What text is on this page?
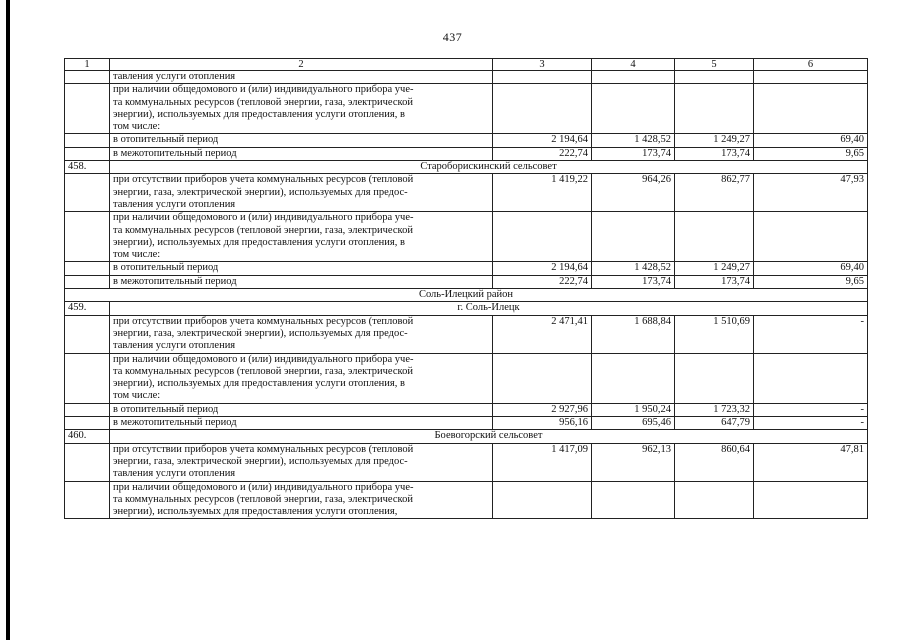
437
1	2	3	4	5	6
	тавления услуги отопления				
	при наличии общедомового и (или) индивидуального прибора уче-
та коммунальных ресурсов (тепловой энергии, газа, электрической
энергии), используемых для предоставления услуги отопления, в
том числе:				
	в отопительный период	2 194,64	1 428,52	1 249,27	69,40
	в межотопительный период	222,74	173,74	173,74	9,65
458.	Староборискинский сельсовет				
	при отсутствии приборов учета коммунальных ресурсов (тепловой
энергии, газа, электрической энергии), используемых для предос-
тавления услуги отопления	1 419,22	964,26	862,77	47,93
	при наличии общедомового и (или) индивидуального прибора уче-
та коммунальных ресурсов (тепловой энергии, газа, электрической
энергии), используемых для предоставления услуги отопления, в
том числе:				
	в отопительный период	2 194,64	1 428,52	1 249,27	69,40
	в межотопительный период	222,74	173,74	173,74	9,65
Соль-Илецкий район					
459.	г. Соль-Илецк				
	при отсутствии приборов учета коммунальных ресурсов (тепловой
энергии, газа, электрической энергии), используемых для предос-
тавления услуги отопления	2 471,41	1 688,84	1 510,69	-
	при наличии общедомового и (или) индивидуального прибора уче-
та коммунальных ресурсов (тепловой энергии, газа, электрической
энергии), используемых для предоставления услуги отопления, в
том числе:				
	в отопительный период	2 927,96	1 950,24	1 723,32	-
	в межотопительный период	956,16	695,46	647,79	-
460.	Боевогорский сельсовет				
	при отсутствии приборов учета коммунальных ресурсов (тепловой
энергии, газа, электрической энергии), используемых для предос-
тавления услуги отопления	1 417,09	962,13	860,64	47,81
	при наличии общедомового и (или) индивидуального прибора уче-
та коммунальных ресурсов (тепловой энергии, газа, электрической
энергии), используемых для предоставления услуги отопления,				
